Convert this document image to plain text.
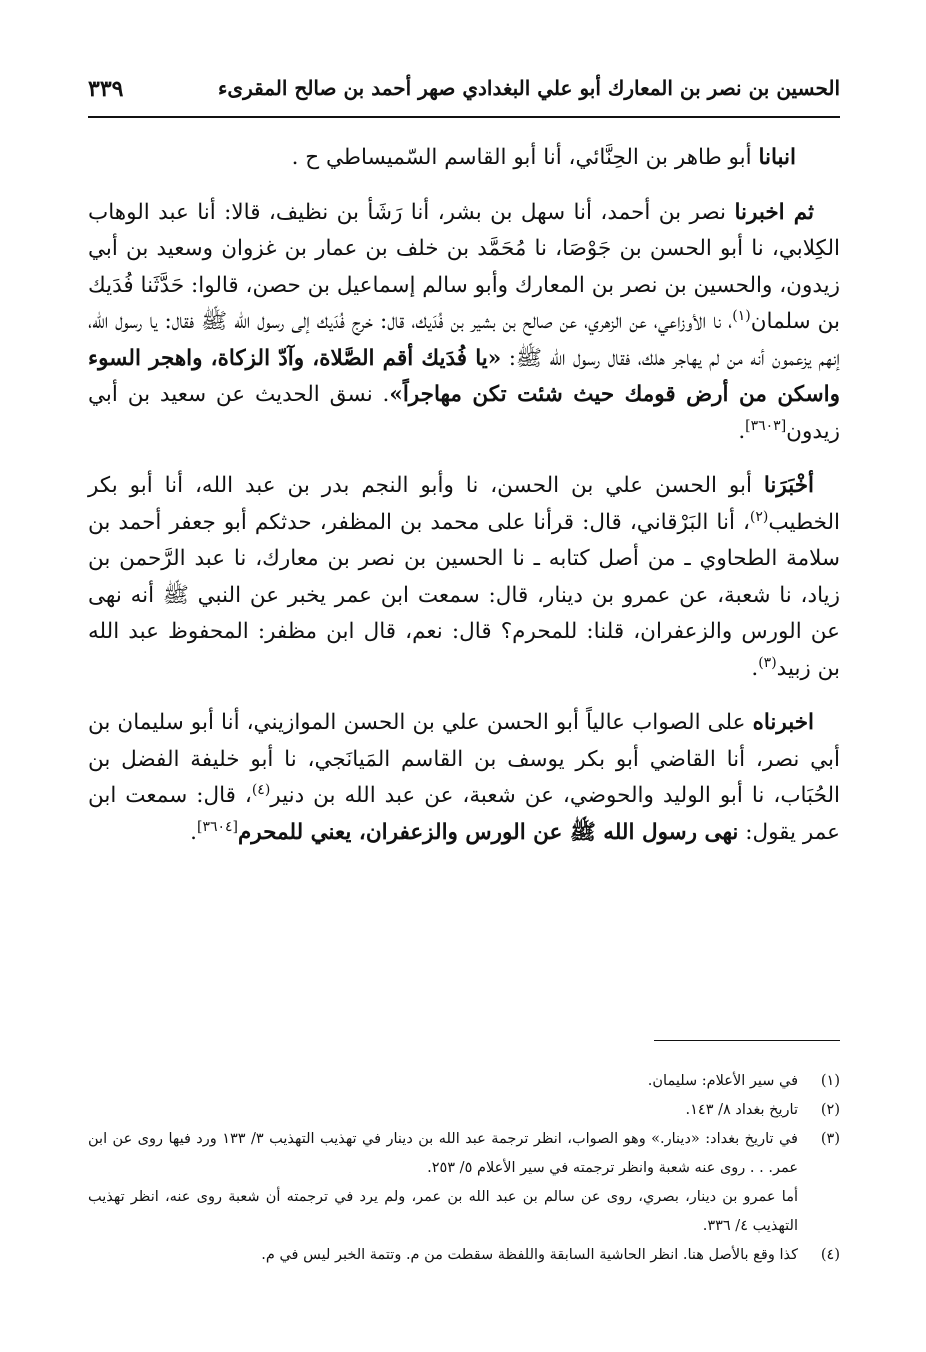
الحسين بن نصر بن المعارك أبو علي البغدادي صهر أحمد بن صالح المقرىء
٣٣٩

انبانا أبو طاهر بن الحِنَّائي، أنا أبو القاسم السّميساطي ح .

ثم اخبرنا نصر بن أحمد، أنا سهل بن بشر، أنا رَشَأ بن نظيف، قالا: أنا عبد الوهاب الكِلابي، نا أبو الحسن بن جَوْصَا، نا مُحَمَّد بن خلف بن عمار بن غزوان وسعيد بن أبي زيدون، والحسين بن نصر بن المعارك وأبو سالم إسماعيل بن حصن، قالوا: حَدَّثَنا فُدَيك بن سلمان$^{(١)}$، نا الأوزاعي، عن الزهري، عن صالح بن بشير بن فُدَيك، قال: خرج فُدَيك إلى رسول الله ﷺ فقال: يا رسول الله، إنهم يزعمون أنه من لم يهاجر هلك، فقال رسول الله ﷺ: «يا فُدَيك أقم الصَّلاة، وآدّ الزكاة، واهجر السوء واسكن من أرض قومك حيث شئت تكن مهاجراً». نسق الحديث عن سعيد بن أبي زيدون[٣٦٠٣].

أخْبَرَنا أبو الحسن علي بن الحسن، نا وأبو النجم بدر بن عبد الله، أنا أبو بكر الخطيب$^{(٢)}$، أنا البَرْقاني، قال: قرأنا على محمد بن المظفر، حدثكم أبو جعفر أحمد بن سلامة الطحاوي ـ من أصل كتابه ـ نا الحسين بن نصر بن معارك، نا عبد الرَّحمن بن زياد، نا شعبة، عن عمرو بن دينار، قال: سمعت ابن عمر يخبر عن النبي ﷺ أنه نهى عن الورس والزعفران، قلنا: للمحرم؟ قال: نعم، قال ابن مظفر: المحفوظ عبد الله بن زبيد$^{(٣)}$.

اخبرناه على الصواب عالياً أبو الحسن علي بن الحسن الموازيني، أنا أبو سليمان بن أبي نصر، أنا القاضي أبو بكر يوسف بن القاسم المَيانَجي، نا أبو خليفة الفضل بن الحُبَاب، نا أبو الوليد والحوضي، عن شعبة، عن عبد الله بن دنير$^{(٤)}$، قال: سمعت ابن عمر يقول: نهى رسول الله ﷺ عن الورس والزعفران، يعني للمحرم[٣٦٠٤].

(١)
في سير الأعلام: سليمان.
(٢)
تاريخ بغداد ٨/ ١٤٣.
(٣)
في تاريخ بغداد: «دينار.» وهو الصواب، انظر ترجمة عبد الله بن دينار في تهذيب التهذيب ٣/ ١٣٣ ورد فيها روى عن ابن عمر. . . روى عنه شعبة وانظر ترجمته في سير الأعلام ٥/ ٢٥٣.
أما عمرو بن دينار، بصري، روى عن سالم بن عبد الله بن عمر، ولم يرد في ترجمته أن شعبة روى عنه، انظر تهذيب التهذيب ٤/ ٣٣٦.
(٤)
كذا وقع بالأصل هنا. انظر الحاشية السابقة واللفظة سقطت من م. وتتمة الخبر ليس في م.
